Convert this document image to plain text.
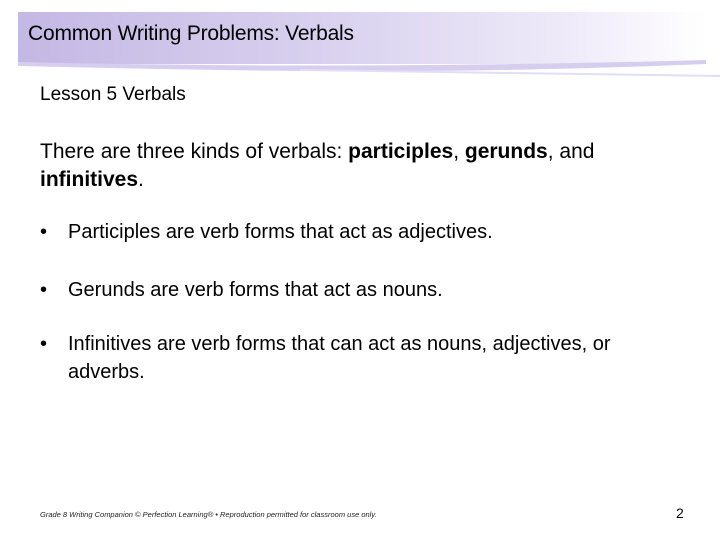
Common Writing Problems: Verbals
Lesson 5 Verbals

There are three kinds of verbals: participles, gerunds, and infinitives.

• Participles are verb forms that act as adjectives.
• Gerunds are verb forms that act as nouns.
• Infinitives are verb forms that can act as nouns, adjectives, or adverbs.
Grade 8 Writing Companion © Perfection Learning® • Reproduction permitted for classroom use only.	2
